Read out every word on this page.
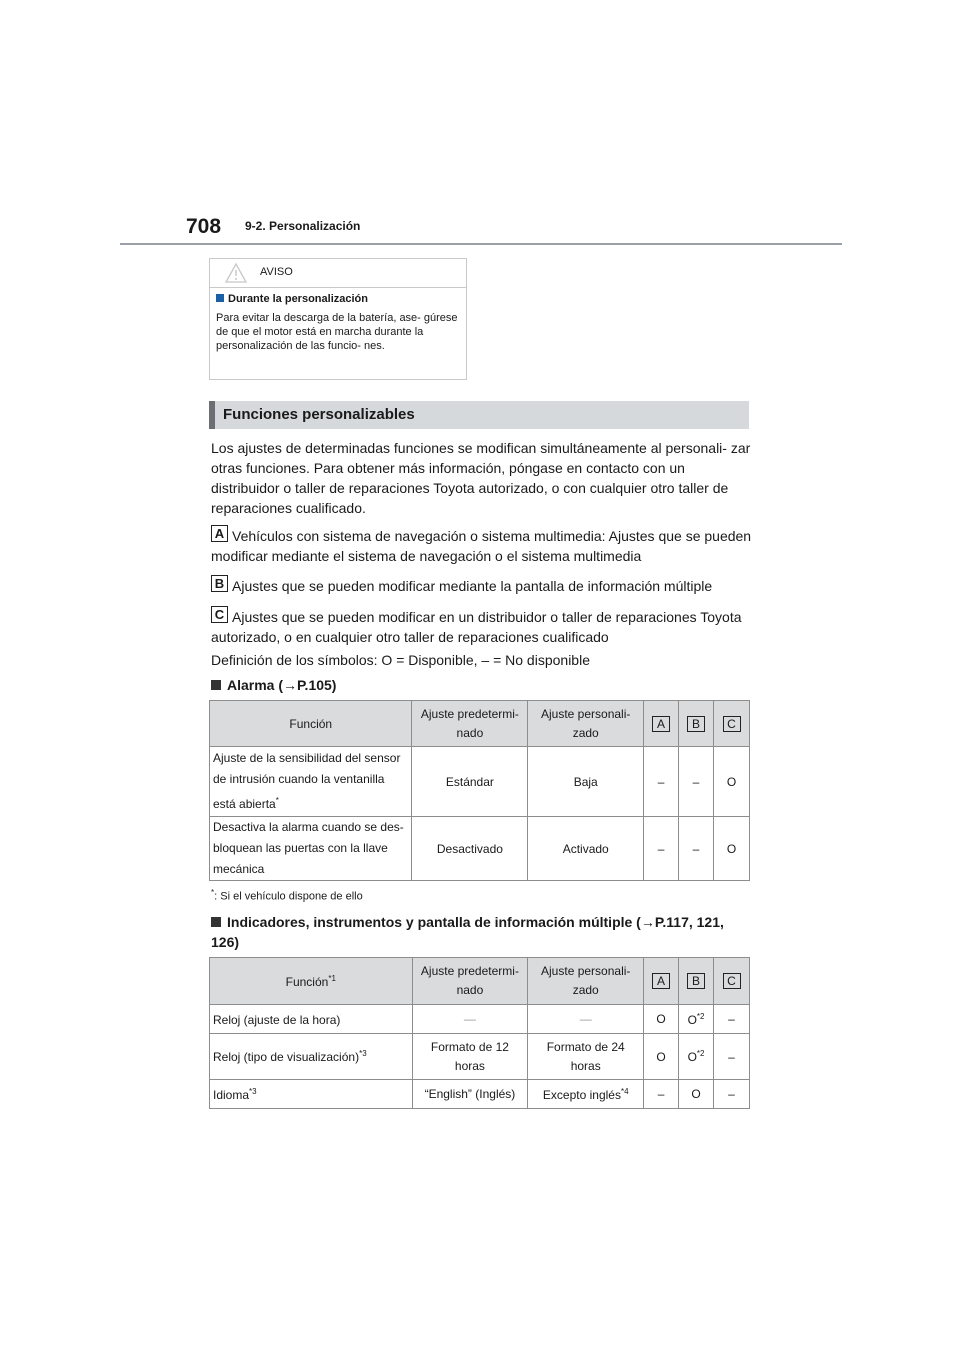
708 9-2. Personalización
AVISO
Durante la personalización
Para evitar la descarga de la batería, ase- gúrese de que el motor está en marcha durante la personalización de las funcio- nes.
Funciones personalizables
Los ajustes de determinadas funciones se modifican simultáneamente al personali- zar otras funciones. Para obtener más información, póngase en contacto con un distribuidor o taller de reparaciones Toyota autorizado, o con cualquier otro taller de reparaciones cualificado.
A Vehículos con sistema de navegación o sistema multimedia: Ajustes que se pueden modificar mediante el sistema de navegación o el sistema multimedia
B Ajustes que se pueden modificar mediante la pantalla de información múltiple
C Ajustes que se pueden modificar en un distribuidor o taller de reparaciones Toyota autorizado, o en cualquier otro taller de reparaciones cualificado
Definición de los símbolos: O = Disponible, – = No disponible
Alarma (→P.105)
Función	Ajuste predetermi- nado	Ajuste personali- zado	A	B	C
Ajuste de la sensibilidad del sensor de intrusión cuando la ventanilla está abierta*	Estándar	Baja	–	–	O
Desactiva la alarma cuando se des- bloquean las puertas con la llave mecánica	Desactivado	Activado	–	–	O
*: Si el vehículo dispone de ello
Indicadores, instrumentos y pantalla de información múltiple (→P.117, 121, 126)
Función$^{*1}$	Ajuste predetermi- nado	Ajuste personali- zado	A	B	C
Reloj (ajuste de la hora)	—	—	O	$O^{*2}$	–
Reloj (tipo de visualización)$^{*3}$	Formato de 12 horas	Formato de 24 horas	O	$O^{*2}$	–
Idioma$^{*3}$	“English” (Inglés)	Excepto inglés$^{*4}$	–	O	–
